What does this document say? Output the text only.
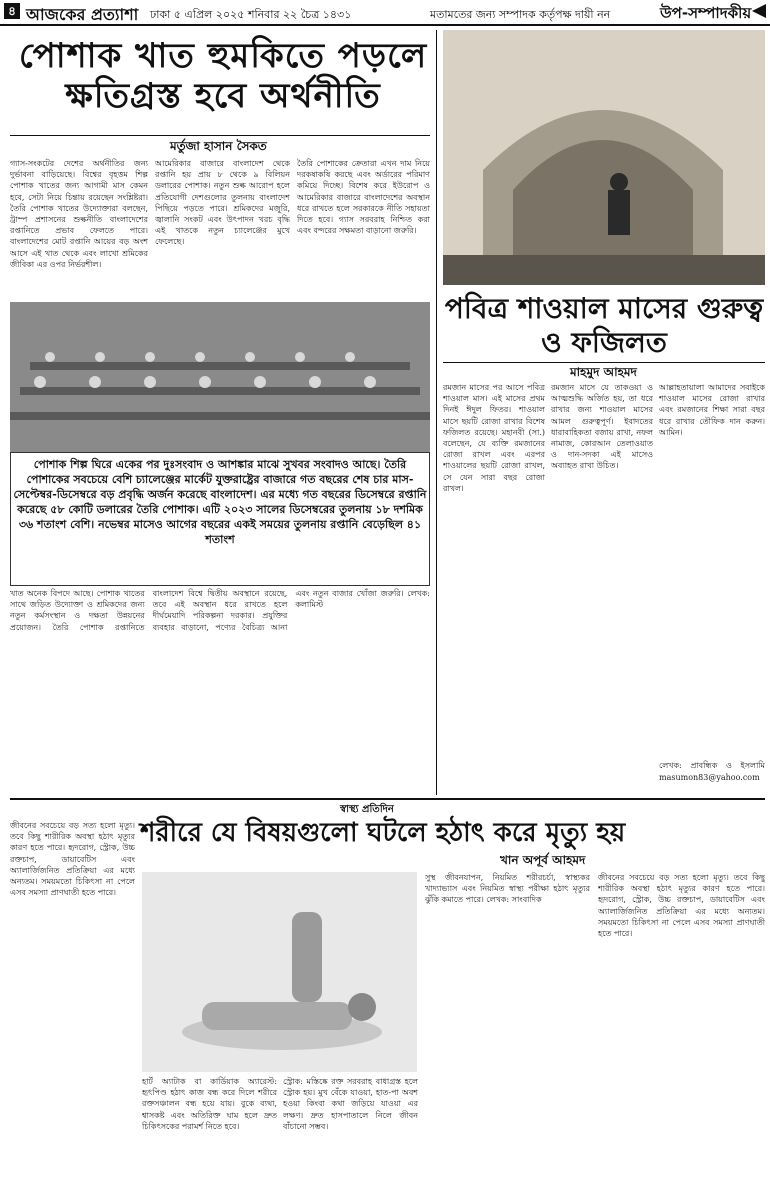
৪ আজকের প্রত্যাশা ঢাকা ৫ এপ্রিল ২০২৫ শনিবার ২২ চৈত্র ১৪৩১	মতামতের জন্য সম্পাদক কর্তৃপক্ষ দায়ী নন	উপ-সম্পাদকীয়
পোশাক খাত হুমকিতে পড়লে
ক্ষতিগ্রস্ত হবে অর্থনীতি
মর্তুজা হাসান সৈকত
গ্যাস-সংকটের দেশের অর্থনীতির জন্য দুর্ভাবনা বাড়িয়েছে। বিশ্বের বৃহত্তম শিল্প পোশাক খাতের জন্য আগামী মাস কেমন হবে, সেটা নিয়ে চিন্তায় রয়েছেন সংশ্লিষ্টরা। তৈরি পোশাক খাতের উদ্যোক্তারা বলছেন, ট্রাম্প প্রশাসনের শুল্কনীতি বাংলাদেশের রপ্তানিতে প্রভাব ফেলতে পারে। বাংলাদেশের মোট রপ্তানি আয়ের বড় অংশ আসে এই খাত থেকে এবং লাখো শ্রমিকের জীবিকা এর ওপর নির্ভরশীল।
আমেরিকার বাজারে বাংলাদেশ থেকে রপ্তানি হয় প্রায় ৮ থেকে ৯ বিলিয়ন ডলারের পোশাক। নতুন শুল্ক আরোপ হলে প্রতিযোগী দেশগুলোর তুলনায় বাংলাদেশ পিছিয়ে পড়তে পারে। শ্রমিকদের মজুরি, জ্বালানি সংকট এবং উৎপাদন খরচ বৃদ্ধি এই খাতকে নতুন চ্যালেঞ্জের মুখে ফেলেছে।
তৈরি পোশাকের ক্রেতারা এখন দাম নিয়ে দরকষাকষি করছে এবং অর্ডারের পরিমাণ কমিয়ে দিচ্ছে। বিশেষ করে ইউরোপ ও আমেরিকার বাজারে বাংলাদেশের অবস্থান ধরে রাখতে হলে সরকারকে নীতি সহায়তা দিতে হবে। গ্যাস সরবরাহ নিশ্চিত করা এবং বন্দরের সক্ষমতা বাড়ানো জরুরি।
পোশাক শিল্প ঘিরে একের পর দুঃসংবাদ ও আশঙ্কার মাঝে সুখবর সংবাদও আছে। তৈরি পোশাকের সবচেয়ে বেশি চ্যালেঞ্জের মার্কেট যুক্তরাষ্ট্রের বাজারে গত বছরের শেষ চার মাস-সেপ্টেম্বর-ডিসেম্বরে বড় প্রবৃদ্ধি অর্জন করেছে বাংলাদেশ। এর মধ্যে গত বছরের ডিসেম্বরে রপ্তানি করেছে ৫৮ কোটি ডলারের তৈরি পোশাক। এটি ২০২৩ সালের ডিসেম্বরের তুলনায় ১৮ দশমিক ৩৬ শতাংশ বেশি। নভেম্বর মাসেও আগের বছরের একই সময়ের তুলনায় রপ্তানি বেড়েছিল ৪১ শতাংশ
খাত অনেক বিপদে আছে। পোশাক খাতের সাথে জড়িত উদ্যোক্তা ও শ্রমিকদের জন্য নতুন কর্মসংস্থান ও দক্ষতা উন্নয়নের প্রয়োজন। তৈরি পোশাক রপ্তানিতে বাংলাদেশ বিশ্বে দ্বিতীয় অবস্থানে রয়েছে, তবে এই অবস্থান ধরে রাখতে হলে দীর্ঘমেয়াদি পরিকল্পনা দরকার। প্রযুক্তির ব্যবহার বাড়ানো, পণ্যের বৈচিত্র্য আনা এবং নতুন বাজার খোঁজা জরুরি। লেখক: কলামিস্ট
পবিত্র শাওয়াল মাসের গুরুত্ব
ও ফজিলত
মাহমুদ আহমদ
রমজান মাসের পর আসে পবিত্র শাওয়াল মাস। এই মাসের প্রথম দিনই ঈদুল ফিতর। শাওয়াল মাসে ছয়টি রোজা রাখার বিশেষ ফজিলত রয়েছে। মহানবী (সা.) বলেছেন, যে ব্যক্তি রমজানের রোজা রাখল এবং এরপর শাওয়ালের ছয়টি রোজা রাখল, সে যেন সারা বছর রোজা রাখল।
রমজান মাসে যে তাকওয়া ও আত্মশুদ্ধি অর্জিত হয়, তা ধরে রাখার জন্য শাওয়াল মাসের আমল গুরুত্বপূর্ণ। ইবাদতের ধারাবাহিকতা বজায় রাখা, নফল নামাজ, কোরআন তেলাওয়াত ও দান-সদকা এই মাসেও অব্যাহত রাখা উচিত।
আল্লাহতায়ালা আমাদের সবাইকে শাওয়াল মাসের রোজা রাখার এবং রমজানের শিক্ষা সারা বছর ধরে রাখার তৌফিক দান করুন। আমিন।
লেখক: প্রাবন্ধিক ও ইসলামি
masumon83@yahoo.com
স্বাস্থ্য প্রতিদিন
শরীরে যে বিষয়গুলো ঘটলে হঠাৎ করে মৃত্যু হয়
খান অপূর্ব আহমদ
জীবনের সবচেয়ে বড় সত্য হলো মৃত্যু। তবে কিছু শারীরিক অবস্থা হঠাৎ মৃত্যুর কারণ হতে পারে। হৃদরোগ, স্ট্রোক, উচ্চ রক্তচাপ, ডায়াবেটিস এবং অ্যালার্জিজনিত প্রতিক্রিয়া এর মধ্যে অন্যতম। সময়মতো চিকিৎসা না পেলে এসব সমস্যা প্রাণঘাতী হতে পারে।
হার্ট অ্যাটাক বা কার্ডিয়াক অ্যারেস্ট: হৃৎপিণ্ড হঠাৎ কাজ বন্ধ করে দিলে শরীরে রক্তসঞ্চালন বন্ধ হয়ে যায়। বুকে ব্যথা, শ্বাসকষ্ট এবং অতিরিক্ত ঘাম হলে দ্রুত চিকিৎসকের পরামর্শ নিতে হবে।
স্ট্রোক: মস্তিষ্কে রক্ত সরবরাহ বাধাগ্রস্ত হলে স্ট্রোক হয়। মুখ বেঁকে যাওয়া, হাত-পা অবশ হওয়া কিংবা কথা জড়িয়ে যাওয়া এর লক্ষণ। দ্রুত হাসপাতালে নিলে জীবন বাঁচানো সম্ভব।
সুস্থ জীবনযাপন, নিয়মিত শরীরচর্চা, স্বাস্থ্যকর খাদ্যাভ্যাস এবং নিয়মিত স্বাস্থ্য পরীক্ষা হঠাৎ মৃত্যুর ঝুঁকি কমাতে পারে। লেখক: সাংবাদিক
জীবনের সবচেয়ে বড় সত্য হলো মৃত্যু। তবে কিছু শারীরিক অবস্থা হঠাৎ মৃত্যুর কারণ হতে পারে। হৃদরোগ, স্ট্রোক, উচ্চ রক্তচাপ, ডায়াবেটিস এবং অ্যালার্জিজনিত প্রতিক্রিয়া এর মধ্যে অন্যতম। সময়মতো চিকিৎসা না পেলে এসব সমস্যা প্রাণঘাতী হতে পারে।
